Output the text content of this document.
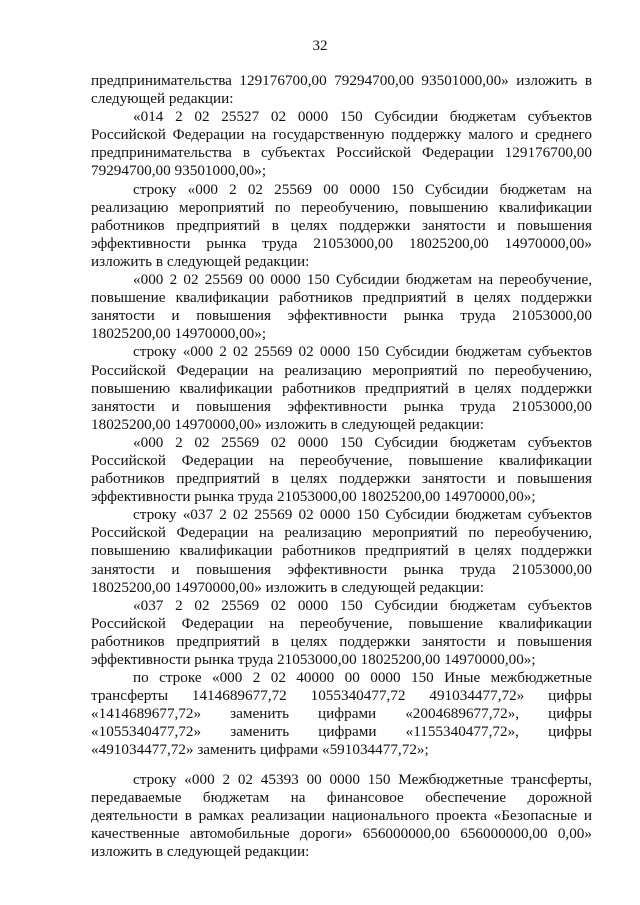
32

предпринимательства 129176700,00 79294700,00 93501000,00» изложить в следующей редакции:

«014 2 02 25527 02 0000 150 Субсидии бюджетам субъектов Российской Федерации на государственную поддержку малого и среднего предпринимательства в субъектах Российской Федерации 129176700,00 79294700,00 93501000,00»;

строку «000 2 02 25569 00 0000 150 Субсидии бюджетам на реализацию мероприятий по переобучению, повышению квалификации работников предприятий в целях поддержки занятости и повышения эффективности рынка труда 21053000,00 18025200,00 14970000,00» изложить в следующей редакции:

«000 2 02 25569 00 0000 150 Субсидии бюджетам на переобучение, повышение квалификации работников предприятий в целях поддержки занятости и повышения эффективности рынка труда 21053000,00 18025200,00 14970000,00»;

строку «000 2 02 25569 02 0000 150 Субсидии бюджетам субъектов Российской Федерации на реализацию мероприятий по переобучению, повышению квалификации работников предприятий в целях поддержки занятости и повышения эффективности рынка труда 21053000,00 18025200,00 14970000,00» изложить в следующей редакции:

«000 2 02 25569 02 0000 150 Субсидии бюджетам субъектов Российской Федерации на переобучение, повышение квалификации работников предприятий в целях поддержки занятости и повышения эффективности рынка труда 21053000,00 18025200,00 14970000,00»;

строку «037 2 02 25569 02 0000 150 Субсидии бюджетам субъектов Российской Федерации на реализацию мероприятий по переобучению, повышению квалификации работников предприятий в целях поддержки занятости и повышения эффективности рынка труда 21053000,00 18025200,00 14970000,00» изложить в следующей редакции:

«037 2 02 25569 02 0000 150 Субсидии бюджетам субъектов Российской Федерации на переобучение, повышение квалификации работников предприятий в целях поддержки занятости и повышения эффективности рынка труда 21053000,00 18025200,00 14970000,00»;

по строке «000 2 02 40000 00 0000 150 Иные межбюджетные трансферты 1414689677,72 1055340477,72 491034477,72» цифры «1414689677,72» заменить цифрами «2004689677,72», цифры «1055340477,72» заменить цифрами «1155340477,72», цифры «491034477,72» заменить цифрами «591034477,72»;

строку «000 2 02 45393 00 0000 150 Межбюджетные трансферты, передаваемые бюджетам на финансовое обеспечение дорожной деятельности в рамках реализации национального проекта «Безопасные и качественные автомобильные дороги» 656000000,00 656000000,00 0,00» изложить в следующей редакции:
